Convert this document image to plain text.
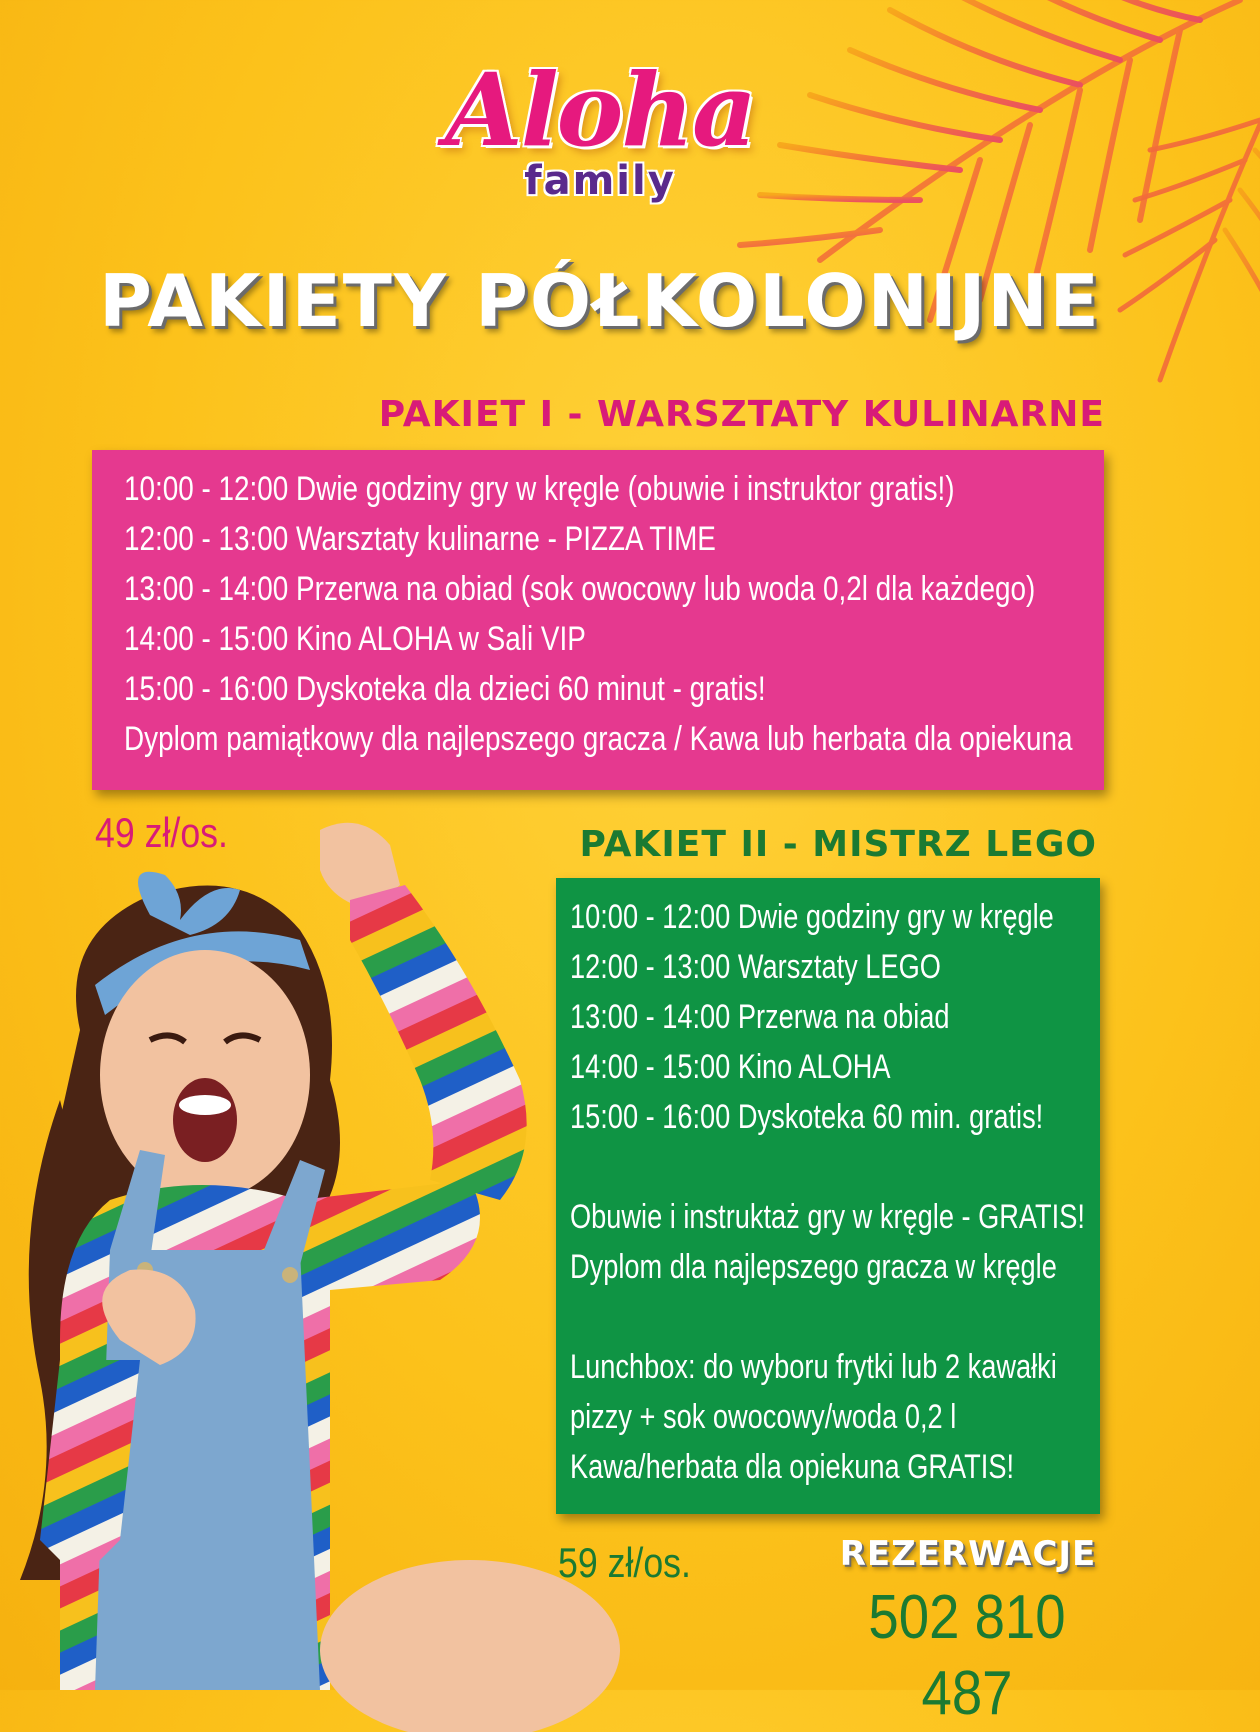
Aloha
family
PAKIETY PÓŁKOLONIJNE
PAKIET I - WARSZTATY KULINARNE
10:00 - 12:00 Dwie godziny gry w kręgle (obuwie i instruktor gratis!)
12:00 - 13:00 Warsztaty kulinarne - PIZZA TIME
13:00 - 14:00 Przerwa na obiad (sok owocowy lub woda 0,2l dla każdego)
14:00 - 15:00 Kino ALOHA w Sali VIP
15:00 - 16:00 Dyskoteka dla dzieci 60 minut - gratis!
Dyplom pamiątkowy dla najlepszego gracza / Kawa lub herbata dla opiekuna
49 zł/os.	PAKIET II - MISTRZ LEGO
10:00 - 12:00 Dwie godziny gry w kręgle
12:00 - 13:00 Warsztaty LEGO
13:00 - 14:00 Przerwa na obiad
14:00 - 15:00 Kino ALOHA
15:00 - 16:00 Dyskoteka 60 min. gratis!
Obuwie i instruktaż gry w kręgle - GRATIS!
Dyplom dla najlepszego gracza w kręgle
Lunchbox: do wyboru frytki lub 2 kawałki
pizzy + sok owocowy/woda 0,2 l
Kawa/herbata dla opiekuna GRATIS!
59 zł/os.	REZERWACJE
502 810 487
